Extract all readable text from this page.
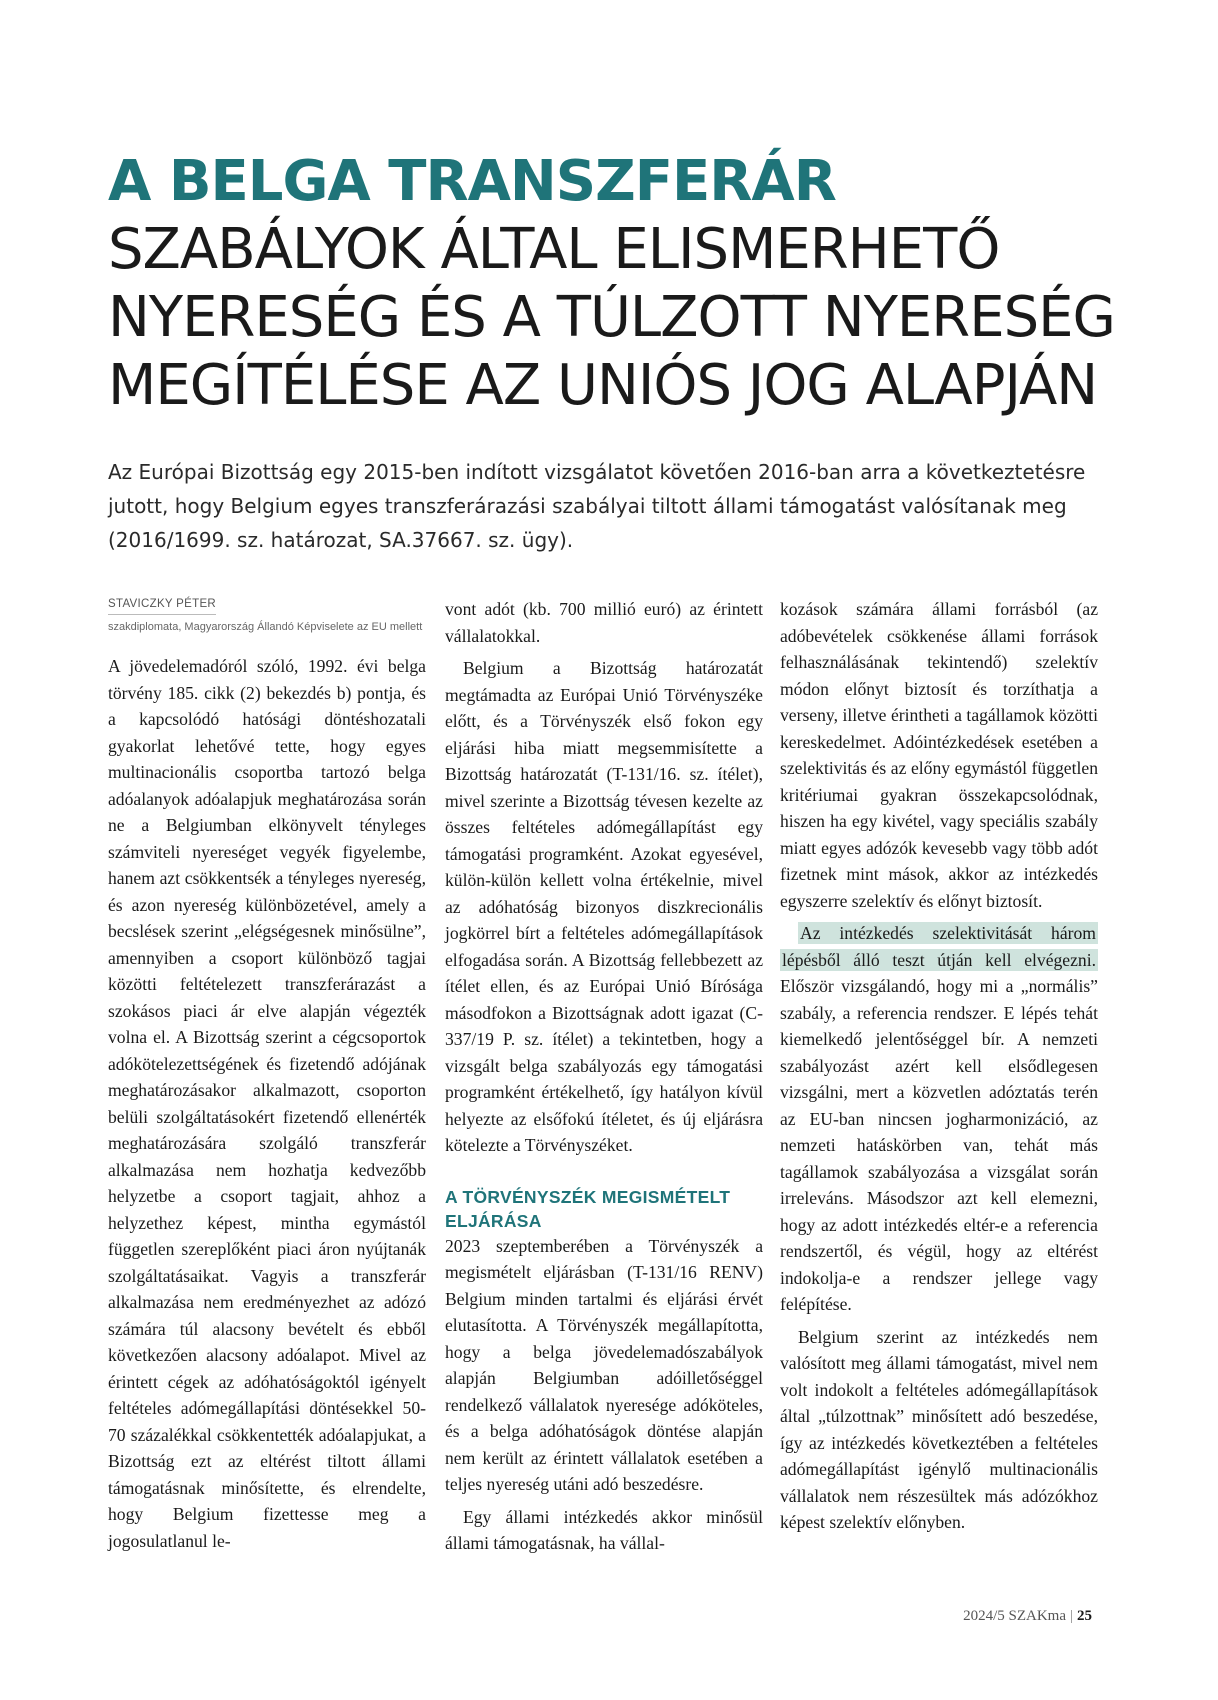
A BELGA TRANSZFERÁR SZABÁLYOK ÁLTAL ELISMERHETŐ NYERESÉG ÉS A TÚLZOTT NYERESÉG MEGÍTÉLÉSE AZ UNIÓS JOG ALAPJÁN

Az Európai Bizottság egy 2015-ben indított vizsgálatot követően 2016-ban arra a következtetésre jutott, hogy Belgium egyes transzferárazási szabályai tiltott állami támogatást valósítanak meg (2016/1699. sz. határozat, SA.37667. sz. ügy).

STAVICZKY PÉTER

szakdiplomata, Magyarország Állandó Képviselete az EU mellett

A jövedelemadóról szóló, 1992. évi belga törvény 185. cikk (2) bekezdés b) pontja, és a kapcsolódó hatósági döntéshozatali gyakorlat lehetővé tette, hogy egyes multinacionális csoportba tartozó belga adóalanyok adóalapjuk meghatározása során ne a Belgiumban elkönyvelt tényleges számviteli nyereséget vegyék figyelembe, hanem azt csökkentsék a tényleges nyereség, és azon nyereség különbözetével, amely a becslések szerint „elégségesnek minősülne”, amennyiben a csoport különböző tagjai közötti feltételezett transzferárazást a szokásos piaci ár elve alapján végezték volna el. A Bizottság szerint a cégcsoportok adókötelezettségének és fizetendő adójának meghatározásakor alkalmazott, csoporton belüli szolgáltatásokért fizetendő ellenérték meghatározására szolgáló transzferár alkalmazása nem hozhatja kedvezőbb helyzetbe a csoport tagjait, ahhoz a helyzethez képest, mintha egymástól független szereplőként piaci áron nyújtanák szolgáltatásaikat. Vagyis a transzferár alkalmazása nem eredményezhet az adózó számára túl alacsony bevételt és ebből következően alacsony adóalapot. Mivel az érintett cégek az adóhatóságoktól igényelt feltételes adómegállapítási döntésekkel 50-70 százalékkal csökkentették adóalapjukat, a Bizottság ezt az eltérést tiltott állami támogatásnak minősítette, és elrendelte, hogy Belgium fizettesse meg a jogosulatlanul le-

vont adót (kb. 700 millió euró) az érintett vállalatokkal.

Belgium a Bizottság határozatát megtámadta az Európai Unió Törvényszéke előtt, és a Törvényszék első fokon egy eljárási hiba miatt megsemmisítette a Bizottság határozatát (T-131/16. sz. ítélet), mivel szerinte a Bizottság tévesen kezelte az összes feltételes adómegállapítást egy támogatási programként. Azokat egyesével, külön-külön kellett volna értékelnie, mivel az adóhatóság bizonyos diszkrecionális jogkörrel bírt a feltételes adómegállapítások elfogadása során. A Bizottság fellebbezett az ítélet ellen, és az Európai Unió Bírósága másodfokon a Bizottságnak adott igazat (C-337/19 P. sz. ítélet) a tekintetben, hogy a vizsgált belga szabályozás egy támogatási programként értékelhető, így hatályon kívül helyezte az elsőfokú ítéletet, és új eljárásra kötelezte a Törvényszéket.

A TÖRVÉNYSZÉK MEGISMÉTELT ELJÁRÁSA

2023 szeptemberében a Törvényszék a megismételt eljárásban (T-131/16 RENV) Belgium minden tartalmi és eljárási érvét elutasította. A Törvényszék megállapította, hogy a belga jövedelemadószabályok alapján Belgiumban adóilletőséggel rendelkező vállalatok nyeresége adóköteles, és a belga adóhatóságok döntése alapján nem került az érintett vállalatok esetében a teljes nyereség utáni adó beszedésre.

Egy állami intézkedés akkor minősül állami támogatásnak, ha vállal-

kozások számára állami forrásból (az adóbevételek csökkenése állami források felhasználásának tekintendő) szelektív módon előnyt biztosít és torzíthatja a verseny, illetve érintheti a tagállamok közötti kereskedelmet. Adóintézkedések esetében a szelektivitás és az előny egymástól független kritériumai gyakran összekapcsolódnak, hiszen ha egy kivétel, vagy speciális szabály miatt egyes adózók kevesebb vagy több adót fizetnek mint mások, akkor az intézkedés egyszerre szelektív és előnyt biztosít.

Az intézkedés szelektivitását három lépésből álló teszt útján kell elvégezni. Először vizsgálandó, hogy mi a „normális” szabály, a referencia rendszer. E lépés tehát kiemelkedő jelentőséggel bír. A nemzeti szabályozást azért kell elsődlegesen vizsgálni, mert a közvetlen adóztatás terén az EU-ban nincsen jogharmonizáció, az nemzeti hatáskörben van, tehát más tagállamok szabályozása a vizsgálat során irreleváns. Másodszor azt kell elemezni, hogy az adott intézkedés eltér-e a referencia rendszertől, és végül, hogy az eltérést indokolja-e a rendszer jellege vagy felépítése.

Belgium szerint az intézkedés nem valósított meg állami támogatást, mivel nem volt indokolt a feltételes adómegállapítások által „túlzottnak” minősített adó beszedése, így az intézkedés következtében a feltételes adómegállapítást igénylő multinacionális vállalatok nem részesültek más adózókhoz képest szelektív előnyben.

2024/5 SZAKma | 25
